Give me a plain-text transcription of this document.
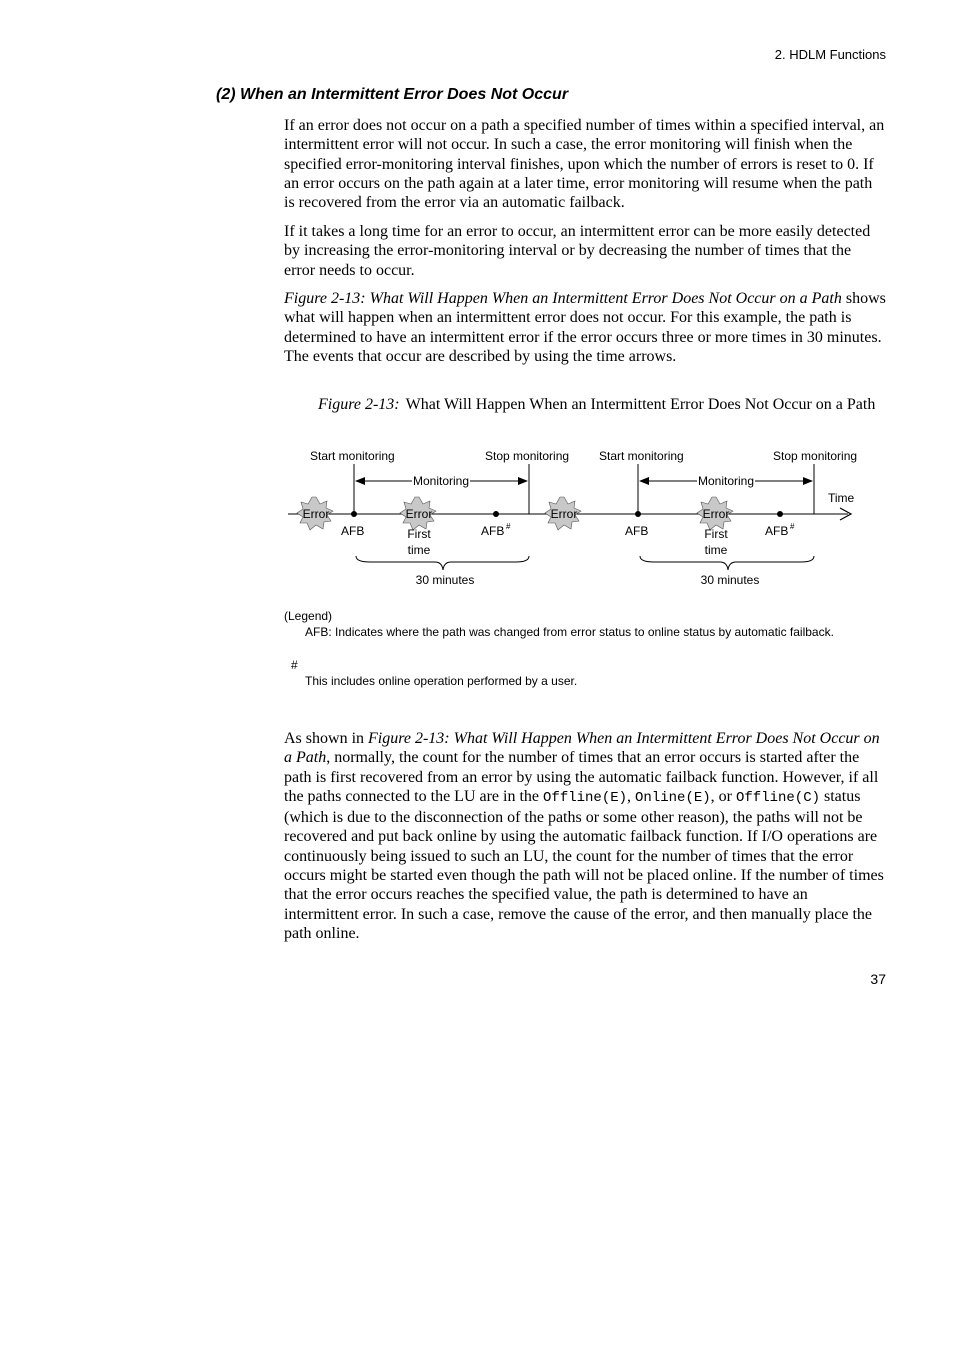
2. HDLM Functions
(2) When an Intermittent Error Does Not Occur

If an error does not occur on a path a specified number of times within a specified interval, an intermittent error will not occur. In such a case, the error monitoring will finish when the specified error-monitoring interval finishes, upon which the number of errors is reset to 0. If an error occurs on the path again at a later time, error monitoring will resume when the path is recovered from the error via an automatic failback.

If it takes a long time for an error to occur, an intermittent error can be more easily detected by increasing the error-monitoring interval or by decreasing the number of times that the error needs to occur.

Figure 2-13: What Will Happen When an Intermittent Error Does Not Occur on a Path shows what will happen when an intermittent error does not occur. For this example, the path is determined to have an intermittent error if the error occurs three or more times in 30 minutes. The events that occur are described by using the time arrows.

Figure 2-13: What Will Happen When an Intermittent Error Does Not Occur on a Path

Time
Start monitoring	Stop monitoring
Monitoring
Error
AFB
Error
First
time
AFB #
30 minutes
Error
Start monitoring	Stop monitoring
Monitoring
AFB
Error
First
time
AFB #
30 minutes
(Legend)
AFB: Indicates where the path was changed from error status to online status by automatic failback.
#
This includes online operation performed by a user.

As shown in Figure 2-13: What Will Happen When an Intermittent Error Does Not Occur on a Path, normally, the count for the number of times that an error occurs is started after the path is first recovered from an error by using the automatic failback function. However, if all the paths connected to the LU are in the Offline(E), Online(E), or Offline(C) status (which is due to the disconnection of the paths or some other reason), the paths will not be recovered and put back online by using the automatic failback function. If I/O operations are continuously being issued to such an LU, the count for the number of times that the error occurs might be started even though the path will not be placed online. If the number of times that the error occurs reaches the specified value, the path is determined to have an intermittent error. In such a case, remove the cause of the error, and then manually place the path online.

37
